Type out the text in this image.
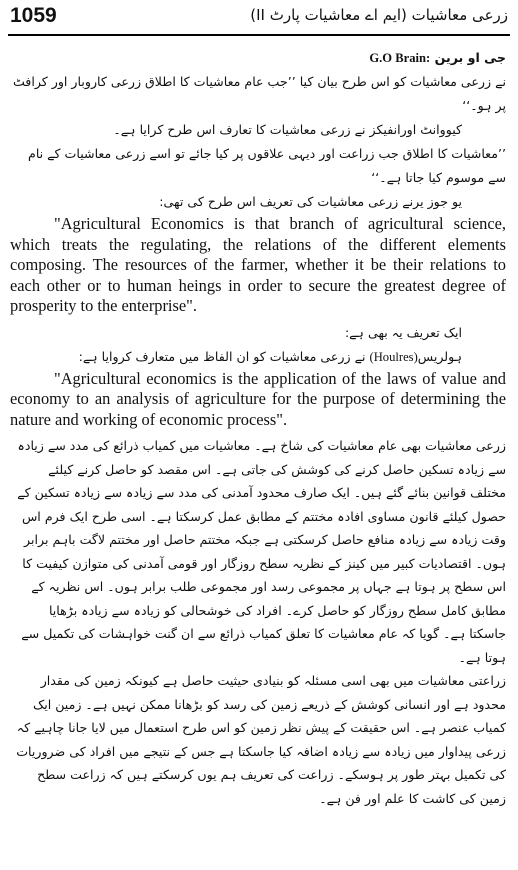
1059	زرعی معاشیات (ایم اے معاشیات پارٹ II)

جی او برین :G.O Brain

نے زرعی معاشیات کو اس طرح بیان کیا ’’جب عام معاشیات کا اطلاق زرعی کاروبار اور کرافٹ پر ہو۔‘‘

کیووانٹ اورانفیکز نے زرعی معاشیات کا تعارف اس طرح کرایا ہے۔

’’معاشیات کا اطلاق جب زراعت اور دیہی علاقوں پر کیا جائے تو اسے زرعی معاشیات کے نام سے موسوم کیا جاتا ہے۔‘‘

یو جوز یرنے زرعی معاشیات کی تعریف اس طرح کی تھی:

"Agricultural Economics is that branch of agricultural science, which treats the regulating, the relations of the different elements composing. The resources of the farmer, whether it be their relations to each other or to human heings in order to secure the greatest degree of prosperity to the enterprise".

ایک تعریف یہ بھی ہے:

ہولریس(Houlres) نے زرعی معاشیات کو ان الفاظ میں متعارف کروایا ہے:

"Agricultural economics is the application of the laws of value and economy to an analysis of agriculture for the purpose of determining the nature and working of economic process".

زرعی معاشیات بھی عام معاشیات کی شاخ ہے۔ معاشیات میں کمیاب ذرائع کی مدد سے زیادہ سے زیادہ تسکین حاصل کرنے کی کوشش کی جاتی ہے۔ اس مقصد کو حاصل کرنے کیلئے مختلف قوانین بنائے گئے ہیں۔ ایک صارف محدود آمدنی کی مدد سے زیادہ سے زیادہ تسکین کے حصول کیلئے قانون مساوی افادہ مختتم کے مطابق عمل کرسکتا ہے۔ اسی طرح ایک فرم اس وقت زیادہ سے زیادہ منافع حاصل کرسکتی ہے جبکہ مختتم حاصل اور مختتم لاگت باہم برابر ہوں۔ اقتصادیات کبیر میں کینز کے نظریہ سطح روزگار اور قومی آمدنی کی متوازن کیفیت کا اس سطح پر ہوتا ہے جہاں پر مجموعی رسد اور مجموعی طلب برابر ہوں۔ اس نظریہ کے مطابق کامل سطح روزگار کو حاصل کرے۔ افراد کی خوشحالی کو زیادہ سے زیادہ بڑھایا جاسکتا ہے۔ گویا کہ عام معاشیات کا تعلق کمیاب ذرائع سے ان گنت خواہشات کی تکمیل سے ہوتا ہے۔

زراعتی معاشیات میں بھی اسی مسئلہ کو بنیادی حیثیت حاصل ہے کیونکہ زمین کی مقدار محدود ہے اور انسانی کوشش کے ذریعے زمین کی رسد کو بڑھانا ممکن نہیں ہے۔ زمین ایک کمیاب عنصر ہے۔ اس حقیقت کے پیش نظر زمین کو اس طرح استعمال میں لایا جانا چاہیے کہ زرعی پیداوار میں زیادہ سے زیادہ اضافہ کیا جاسکتا ہے جس کے نتیجے میں افراد کی ضروریات کی تکمیل بہتر طور پر ہوسکے۔ زراعت کی تعریف ہم یوں کرسکتے ہیں کہ زراعت سطح زمین کی کاشت کا علم اور فن ہے۔
